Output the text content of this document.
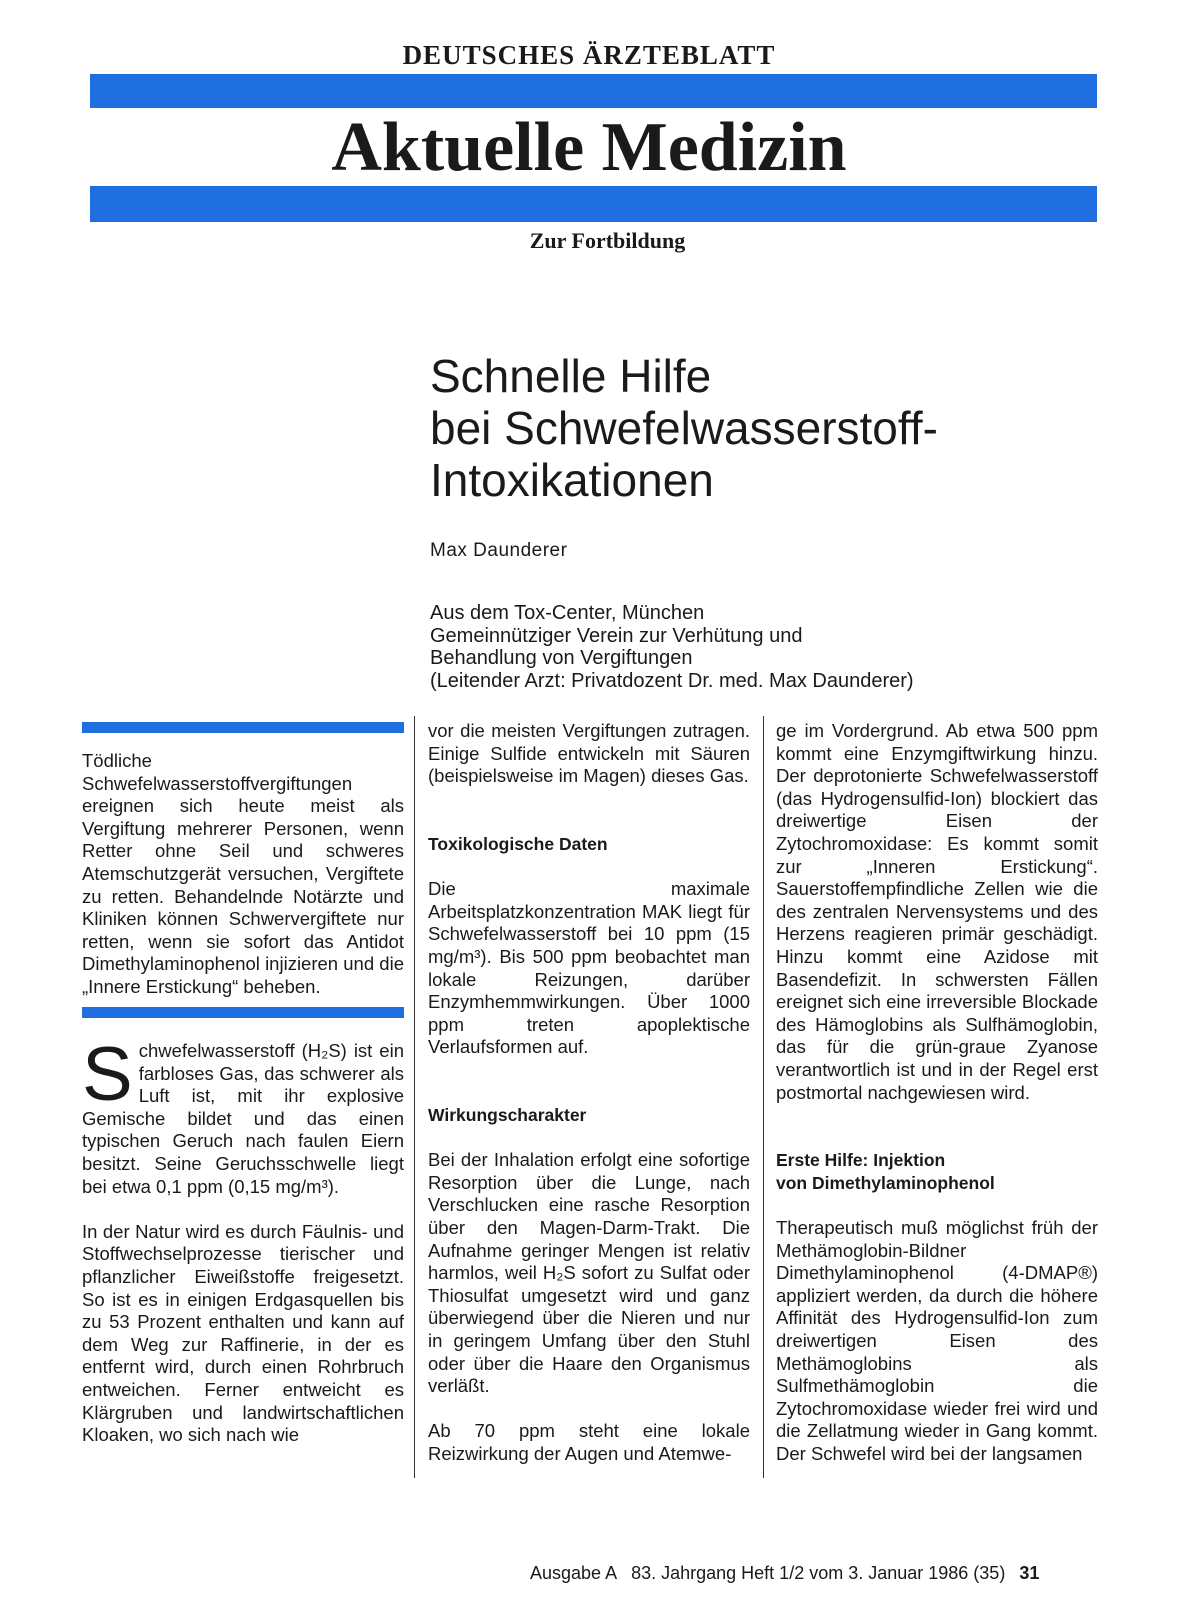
DEUTSCHES ÄRZTEBLATT
Aktuelle Medizin
Zur Fortbildung
Schnelle Hilfe
bei Schwefelwasserstoff-
Intoxikationen
Max Daunderer
Aus dem Tox-Center, München
Gemeinnütziger Verein zur Verhütung und
Behandlung von Vergiftungen
(Leitender Arzt: Privatdozent Dr. med. Max Daunderer)

Tödliche Schwefelwasserstoffvergiftungen ereignen sich heute meist als Vergiftung mehrerer Personen, wenn Retter ohne Seil und schweres Atemschutzgerät versuchen, Vergiftete zu retten. Behandelnde Notärzte und Kliniken können Schwervergiftete nur retten, wenn sie sofort das Antidot Dimethylaminophenol injizieren und die „Innere Erstickung“ beheben.

Schwefelwasserstoff (H₂S) ist ein farbloses Gas, das schwerer als Luft ist, mit ihr explosive Gemische bildet und das einen typischen Geruch nach faulen Eiern besitzt. Seine Geruchsschwelle liegt bei etwa 0,1 ppm (0,15 mg/m³).

In der Natur wird es durch Fäulnis- und Stoffwechselprozesse tierischer und pflanzlicher Eiweißstoffe freigesetzt. So ist es in einigen Erdgasquellen bis zu 53 Prozent enthalten und kann auf dem Weg zur Raffinerie, in der es entfernt wird, durch einen Rohrbruch entweichen. Ferner entweicht es Klärgruben und landwirtschaftlichen Kloaken, wo sich nach wie

vor die meisten Vergiftungen zutragen. Einige Sulfide entwickeln mit Säuren (beispielsweise im Magen) dieses Gas.

Toxikologische Daten

Die maximale Arbeitsplatzkonzentration MAK liegt für Schwefelwasserstoff bei 10 ppm (15 mg/m³). Bis 500 ppm beobachtet man lokale Reizungen, darüber Enzymhemmwirkungen. Über 1000 ppm treten apoplektische Verlaufsformen auf.

Wirkungscharakter

Bei der Inhalation erfolgt eine sofortige Resorption über die Lunge, nach Verschlucken eine rasche Resorption über den Magen-Darm-Trakt. Die Aufnahme geringer Mengen ist relativ harmlos, weil H₂S sofort zu Sulfat oder Thiosulfat umgesetzt wird und ganz überwiegend über die Nieren und nur in geringem Umfang über den Stuhl oder über die Haare den Organismus verläßt.

Ab 70 ppm steht eine lokale Reizwirkung der Augen und Atemwe-

ge im Vordergrund. Ab etwa 500 ppm kommt eine Enzymgiftwirkung hinzu. Der deprotonierte Schwefelwasserstoff (das Hydrogensulfid-Ion) blockiert das dreiwertige Eisen der Zytochromoxidase: Es kommt somit zur „Inneren Erstickung“. Sauerstoffempfindliche Zellen wie die des zentralen Nervensystems und des Herzens reagieren primär geschädigt. Hinzu kommt eine Azidose mit Basendefizit. In schwersten Fällen ereignet sich eine irreversible Blockade des Hämoglobins als Sulfhämoglobin, das für die grün-graue Zyanose verantwortlich ist und in der Regel erst postmortal nachgewiesen wird.

Erste Hilfe: Injektion
von Dimethylaminophenol

Therapeutisch muß möglichst früh der Methämoglobin-Bildner Dimethylaminophenol (4-DMAP®) appliziert werden, da durch die höhere Affinität des Hydrogensulfid-Ion zum dreiwertigen Eisen des Methämoglobins als Sulfmethämoglobin die Zytochromoxidase wieder frei wird und die Zellatmung wieder in Gang kommt. Der Schwefel wird bei der langsamen

Ausgabe A   83. Jahrgang Heft 1/2 vom 3. Januar 1986 (35) 31
